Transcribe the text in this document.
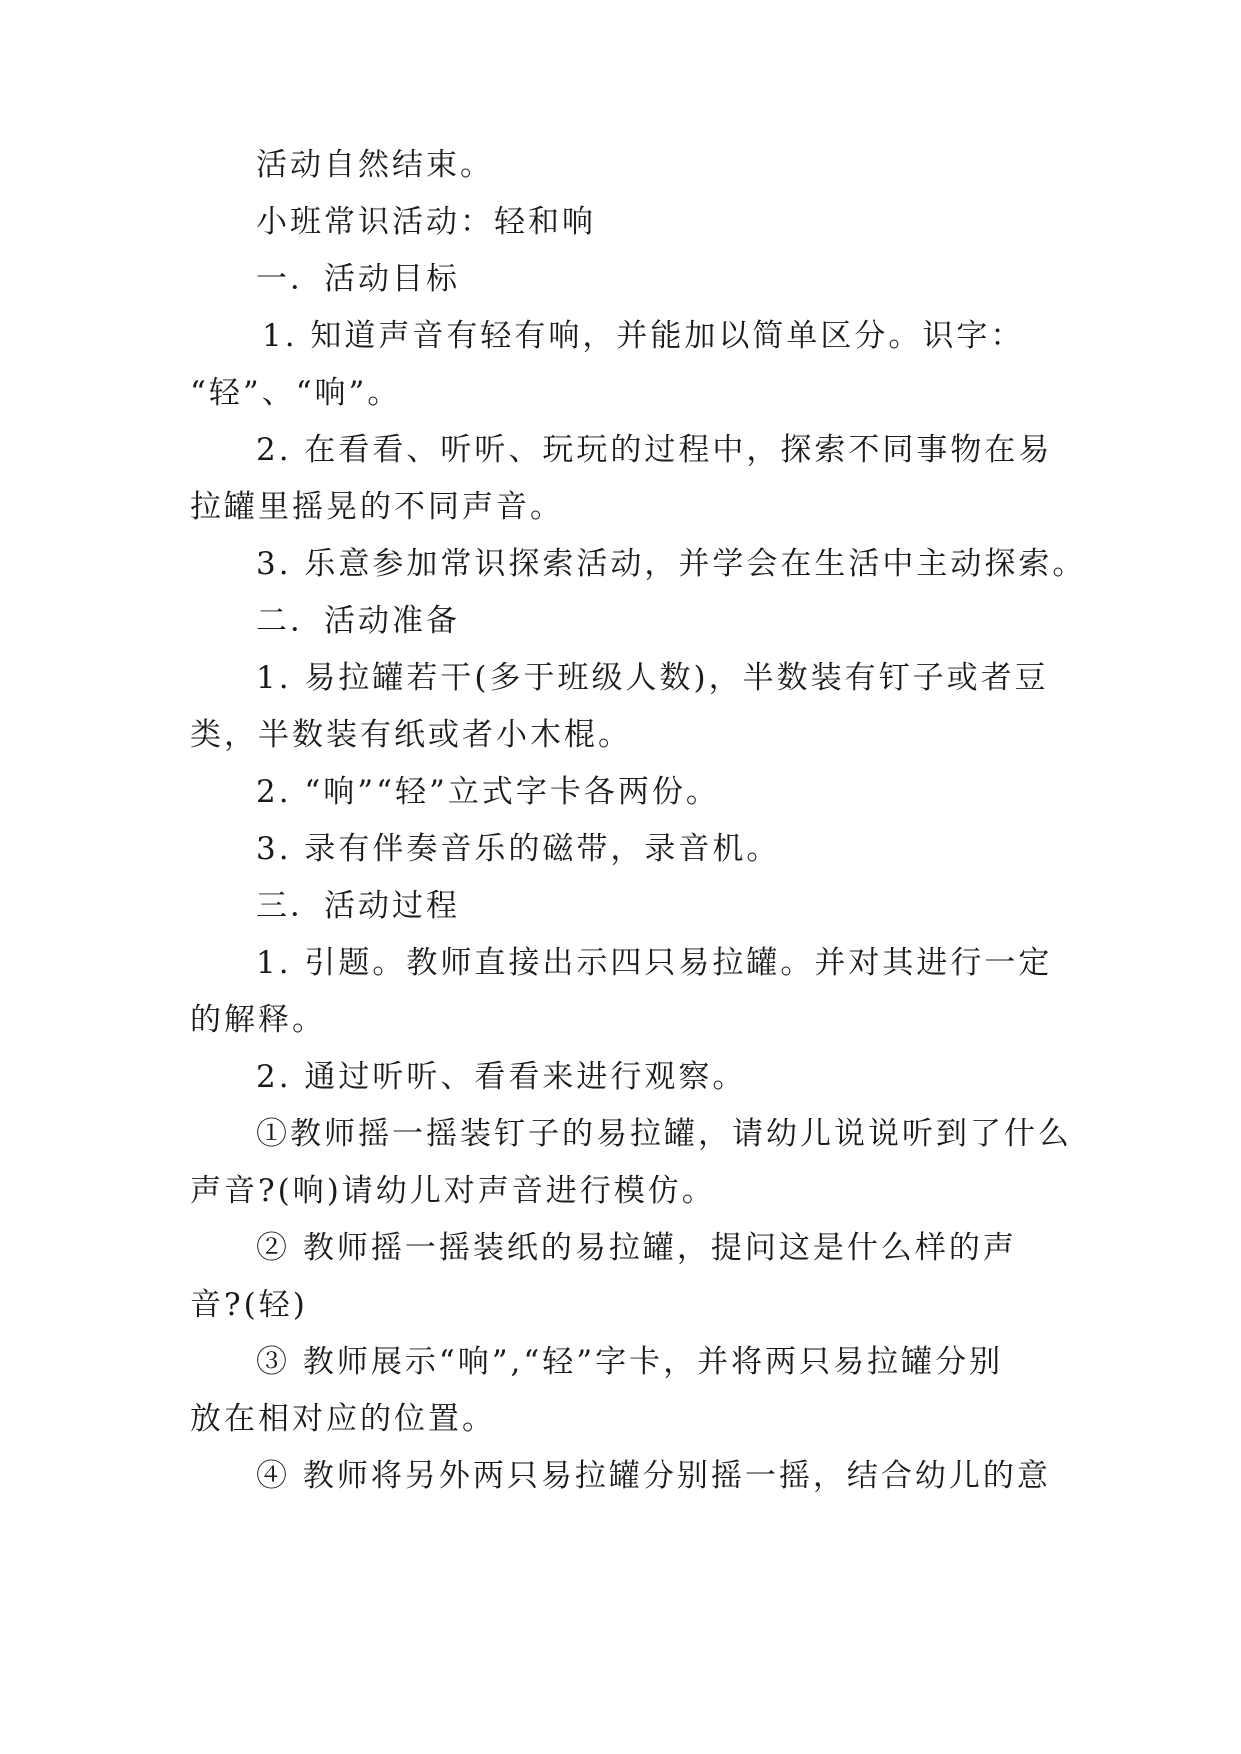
活动自然结束。
小班常识活动：轻和响
一．活动目标
1. 知道声音有轻有响，并能加以简单区分。识字：
“轻”、“响”。
2. 在看看、听听、玩玩的过程中，探索不同事物在易
拉罐里摇晃的不同声音。
3. 乐意参加常识探索活动，并学会在生活中主动探索。
二．活动准备
1. 易拉罐若干(多于班级人数)，半数装有钉子或者豆
类，半数装有纸或者小木棍。
2. “响”“轻”立式字卡各两份。
3. 录有伴奏音乐的磁带，录音机。
三．活动过程
1. 引题。教师直接出示四只易拉罐。并对其进行一定
的解释。
2. 通过听听、看看来进行观察。
①教师摇一摇装钉子的易拉罐，请幼儿说说听到了什么
声音?(响)请幼儿对声音进行模仿。
② 教师摇一摇装纸的易拉罐，提问这是什么样的声
音?(轻)
③ 教师展示“响”,“轻”字卡，并将两只易拉罐分别
放在相对应的位置。
④ 教师将另外两只易拉罐分别摇一摇，结合幼儿的意
